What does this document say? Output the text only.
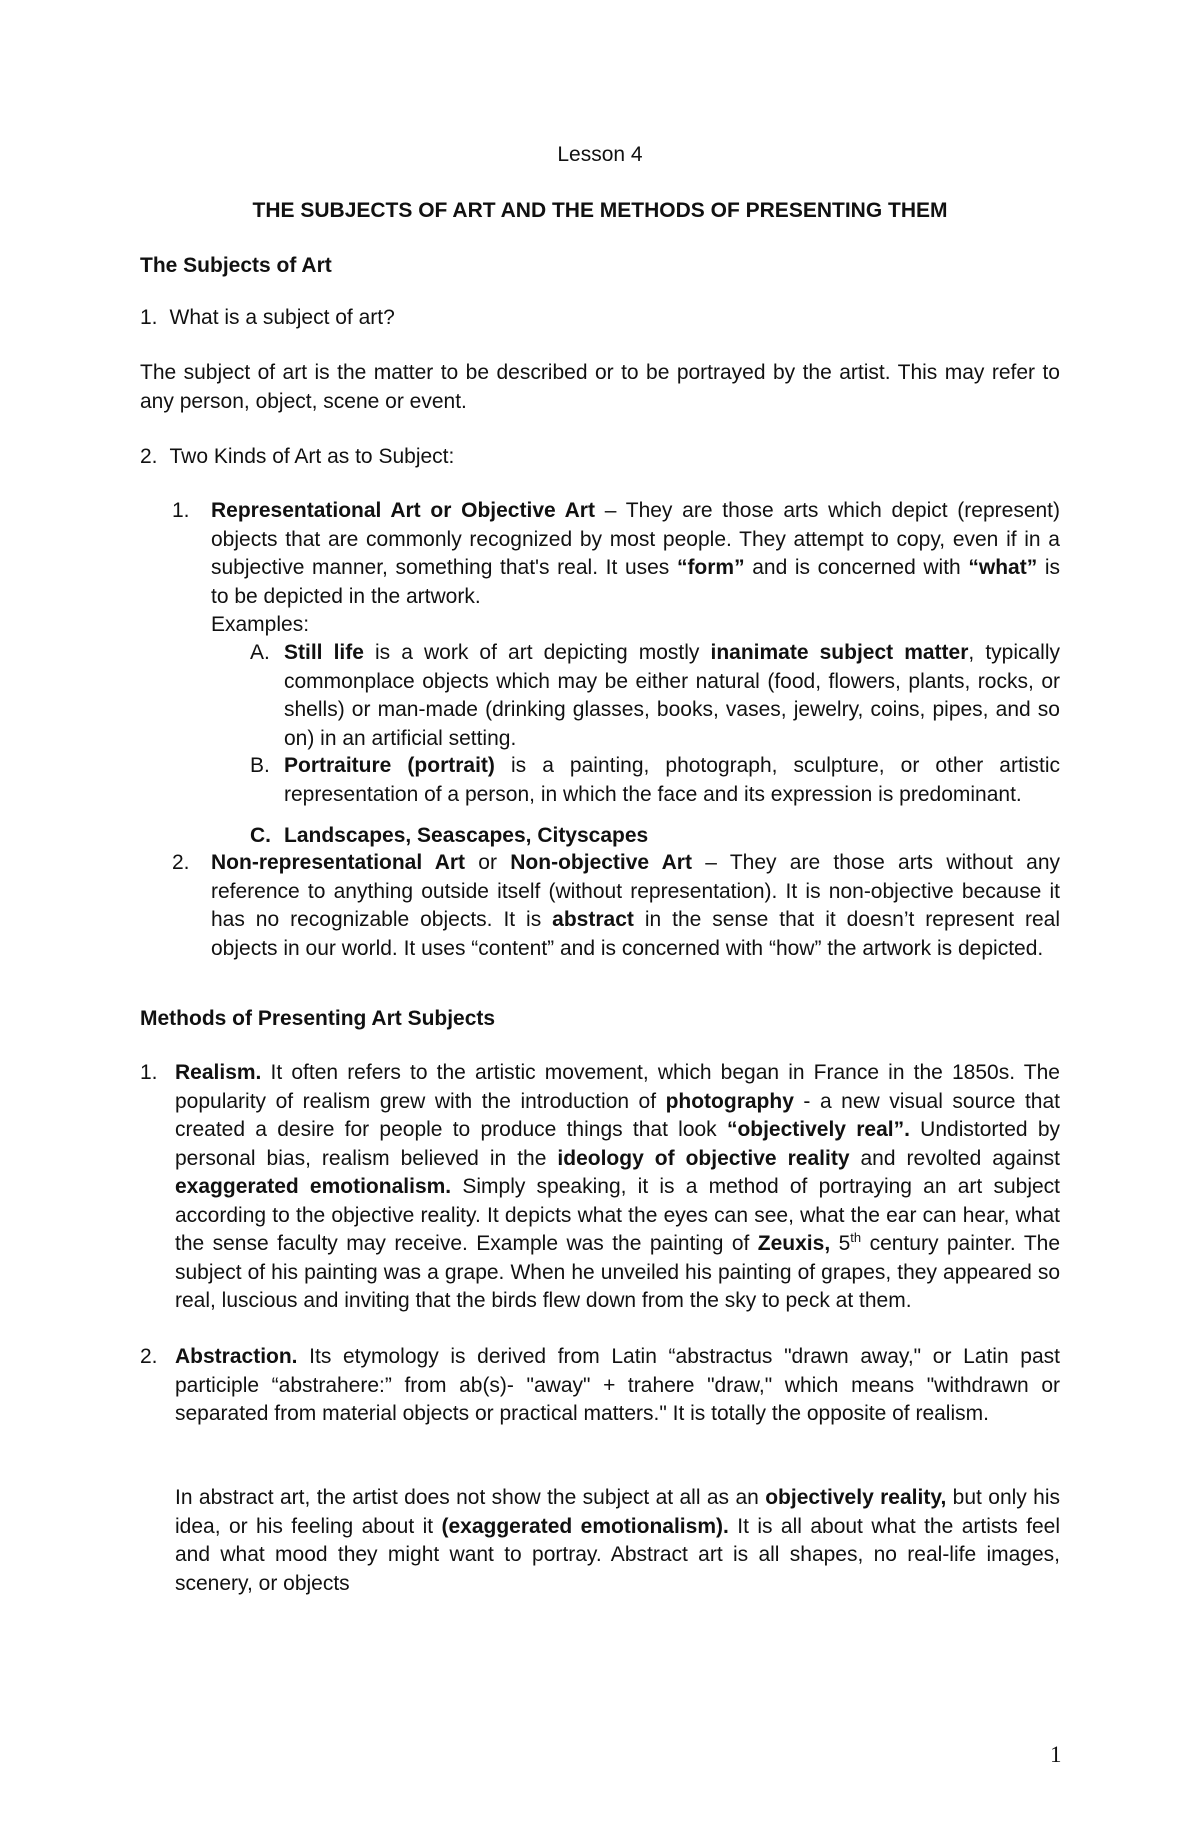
Lesson 4

THE SUBJECTS OF ART AND THE METHODS OF PRESENTING THEM

The Subjects of Art

1. What is a subject of art?

The subject of art is the matter to be described or to be portrayed by the artist. This may refer to any person, object, scene or event.

2. Two Kinds of Art as to Subject:
1.	Representational Art or Objective Art – They are those arts which depict (represent) objects that are commonly recognized by most people. They attempt to copy, even if in a subjective manner, something that's real. It uses “form” and is concerned with “what” is to be depicted in the artwork.

Examples:

A. Still life is a work of art depicting mostly inanimate subject matter, typically commonplace objects which may be either natural (food, flowers, plants, rocks, or shells) or man-made (drinking glasses, books, vases, jewelry, coins, pipes, and so on) in an artificial setting.

B. Portraiture (portrait) is a painting, photograph, sculpture, or other artistic representation of a person, in which the face and its expression is predominant.

C. Landscapes, Seascapes, Cityscapes

2.	Non-representational Art or Non-objective Art – They are those arts without any reference to anything outside itself (without representation). It is non-objective because it has no recognizable objects. It is abstract in the sense that it doesn’t represent real objects in our world. It uses “content” and is concerned with “how” the artwork is depicted.

Methods of Presenting Art Subjects

1. Realism. It often refers to the artistic movement, which began in France in the 1850s. The popularity of realism grew with the introduction of photography - a new visual source that created a desire for people to produce things that look “objectively real”. Undistorted by personal bias, realism believed in the ideology of objective reality and revolted against exaggerated emotionalism. Simply speaking, it is a method of portraying an art subject according to the objective reality. It depicts what the eyes can see, what the ear can hear, what the sense faculty may receive. Example was the painting of Zeuxis, 5th century painter. The subject of his painting was a grape. When he unveiled his painting of grapes, they appeared so real, luscious and inviting that the birds flew down from the sky to peck at them.

2. Abstraction. Its etymology is derived from Latin “abstractus "drawn away," or Latin past participle “abstrahere:” from ab(s)- "away" + trahere "draw," which means "withdrawn or separated from material objects or practical matters." It is totally the opposite of realism.

In abstract art, the artist does not show the subject at all as an objectively reality, but only his idea, or his feeling about it (exaggerated emotionalism). It is all about what the artists feel and what mood they might want to portray. Abstract art is all shapes, no real-life images, scenery, or objects

1
